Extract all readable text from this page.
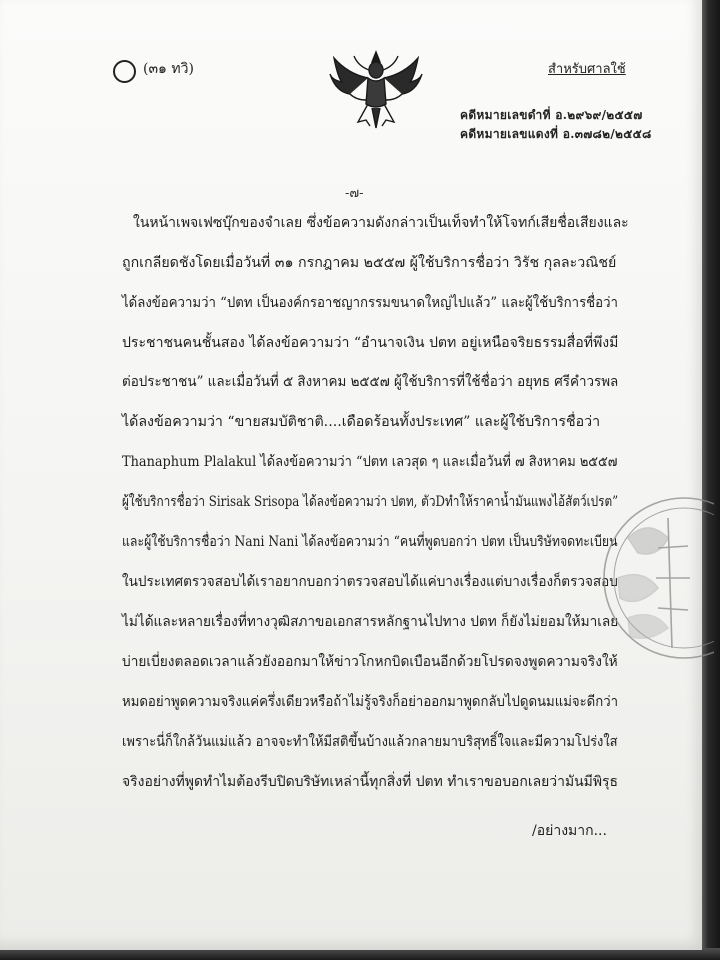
(๓๑ ทวิ)	สำหรับศาลใช้
คดีหมายเลขดำที่ อ.๒๙๖๙/๒๕๕๗
คดีหมายเลขแดงที่ อ.๓๗๘๒/๒๕๕๘
-๗-
ในหน้าเพจเฟซบุ๊กของจำเลย ซึ่งข้อความดังกล่าวเป็นเท็จทำให้โจทก์เสียชื่อเสียงและ
ถูกเกลียดชังโดยเมื่อวันที่ ๓๑ กรกฎาคม ๒๕๕๗ ผู้ใช้บริการชื่อว่า วิรัช กุลละวณิชย์
ได้ลงข้อความว่า “ปตท เป็นองค์กรอาชญากรรมขนาดใหญ่ไปแล้ว” และผู้ใช้บริการชื่อว่า
ประชาชนคนชั้นสอง ได้ลงข้อความว่า “อำนาจเงิน ปตท อยู่เหนือจริยธรรมสื่อที่พึงมี
ต่อประชาชน” และเมื่อวันที่ ๕ สิงหาคม ๒๕๕๗ ผู้ใช้บริการที่ใช้ชื่อว่า อยุทธ ศรีคำวรพล
ได้ลงข้อความว่า “ขายสมบัติชาติ....เดือดร้อนทั้งประเทศ” และผู้ใช้บริการชื่อว่า
Thanaphum Plalakul ได้ลงข้อความว่า “ปตท เลวสุด ๆ และเมื่อวันที่ ๗ สิงหาคม ๒๕๕๗
ผู้ใช้บริการชื่อว่า Sirisak Srisopa ได้ลงข้อความว่า ปตท, ตัวDทำให้ราคาน้ำมันแพงไอ้สัตว์เปรต”
และผู้ใช้บริการชื่อว่า Nani Nani ได้ลงข้อความว่า “คนที่พูดบอกว่า ปตท เป็นบริษัทจดทะเบียน
ในประเทศตรวจสอบได้เราอยากบอกว่าตรวจสอบได้แค่บางเรื่องแต่บางเรื่องก็ตรวจสอบ
ไม่ได้และหลายเรื่องที่ทางวุฒิสภาขอเอกสารหลักฐานไปทาง ปตท ก็ยังไม่ยอมให้มาเลย
บ่ายเบี่ยงตลอดเวลาแล้วยังออกมาให้ข่าวโกหกบิดเบือนอีกด้วยโปรดจงพูดความจริงให้
หมดอย่าพูดความจริงแค่ครึ่งเดียวหรือถ้าไม่รู้จริงก็อย่าออกมาพูดกลับไปดูดนมแม่จะดีกว่า
เพราะนี่ก็ใกล้วันแม่แล้ว อาจจะทำให้มีสติขึ้นบ้างแล้วกลายมาบริสุทธิ์ใจและมีความโปร่งใส
จริงอย่างที่พูดทำไมต้องรีบปิดบริษัทเหล่านี้ทุกสิ่งที่ ปตท ทำเราขอบอกเลยว่ามันมีพิรุธ
/อย่างมาก...
